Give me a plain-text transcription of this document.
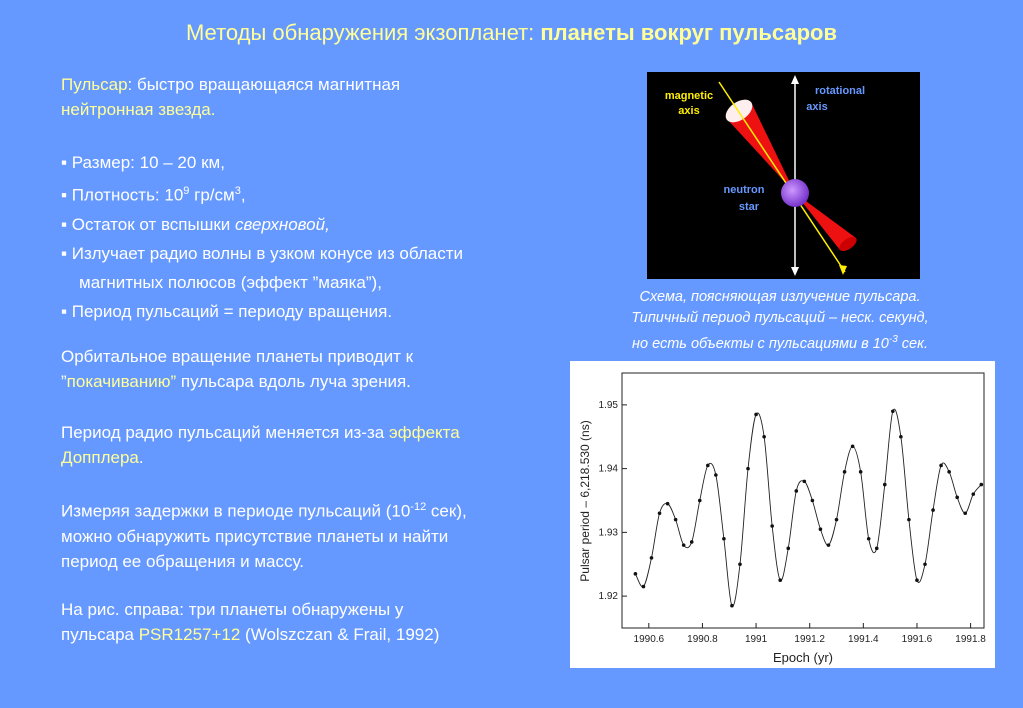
Методы обнаружения экзопланет: планеты вокруг пульсаров
Пульсар: быстро вращающаяся магнитная
нейтронная звезда.
▪ Размер: 10 – 20 км,
▪ Плотность: $10^9$ $гр/см^3$,
▪ Остаток от вспышки сверхновой,
▪ Излучает радио волны в узком конусе из области
магнитных полюсов (эффект ”маяка”),
▪ Период пульсаций = периоду вращения.
Орбитальное вращение планеты приводит к
”покачиванию” пульсара вдоль луча зрения.
Период радио пульсаций меняется из-за эффекта
Допплера.
Измеряя задержки в периоде пульсаций ($10^{-12}$ сек),
можно обнаружить присутствие планеты и найти
период ее обращения и массу.
На рис. справа: три планеты обнаружены у
пульсара PSR1257+12 (Wolszczan & Frail, 1992)
magnetic
axis
rotational
axis
neutron
star
Схема, поясняющая излучение пульсара.
Типичный период пульсаций – неск. секунд,
но есть объекты с пульсациями в $10^{-3}$ сек.
1990.6 1990.8	1991	1991.2 1991.4 1991.6 1991.8
1.92
1.93
1.94
1.95
Epoch (yr)
Pulsar period – 6,218.530 (ns)
